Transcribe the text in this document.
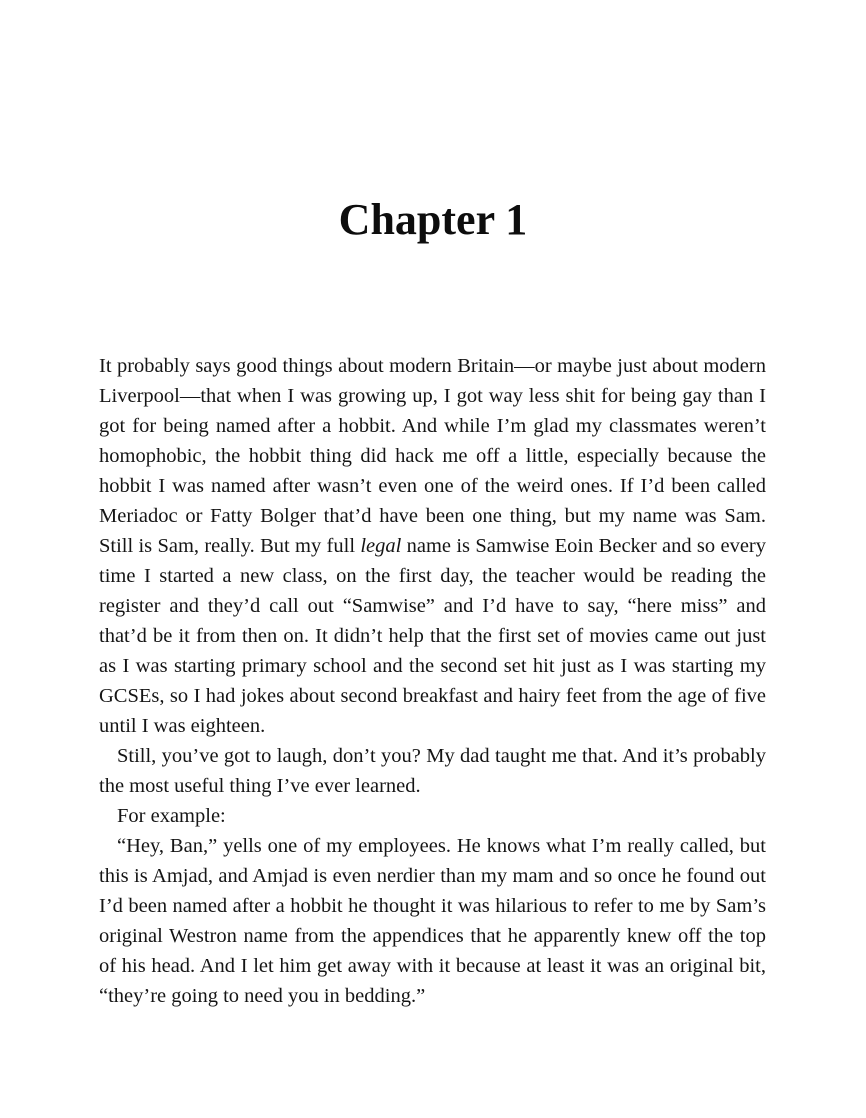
Chapter 1

It probably says good things about modern Britain—or maybe just about modern Liverpool—that when I was growing up, I got way less shit for being gay than I got for being named after a hobbit. And while I’m glad my classmates weren’t homophobic, the hobbit thing did hack me off a little, especially because the hobbit I was named after wasn’t even one of the weird ones. If I’d been called Meriadoc or Fatty Bolger that’d have been one thing, but my name was Sam. Still is Sam, really. But my full legal name is Samwise Eoin Becker and so every time I started a new class, on the first day, the teacher would be reading the register and they’d call out “Samwise” and I’d have to say, “here miss” and that’d be it from then on. It didn’t help that the first set of movies came out just as I was starting primary school and the second set hit just as I was starting my GCSEs, so I had jokes about second breakfast and hairy feet from the age of five until I was eighteen.

Still, you’ve got to laugh, don’t you? My dad taught me that. And it’s probably the most useful thing I’ve ever learned.

For example:

“Hey, Ban,” yells one of my employees. He knows what I’m really called, but this is Amjad, and Amjad is even nerdier than my mam and so once he found out I’d been named after a hobbit he thought it was hilarious to refer to me by Sam’s original Westron name from the appendices that he apparently knew off the top of his head. And I let him get away with it because at least it was an original bit, “they’re going to need you in bedding.”
